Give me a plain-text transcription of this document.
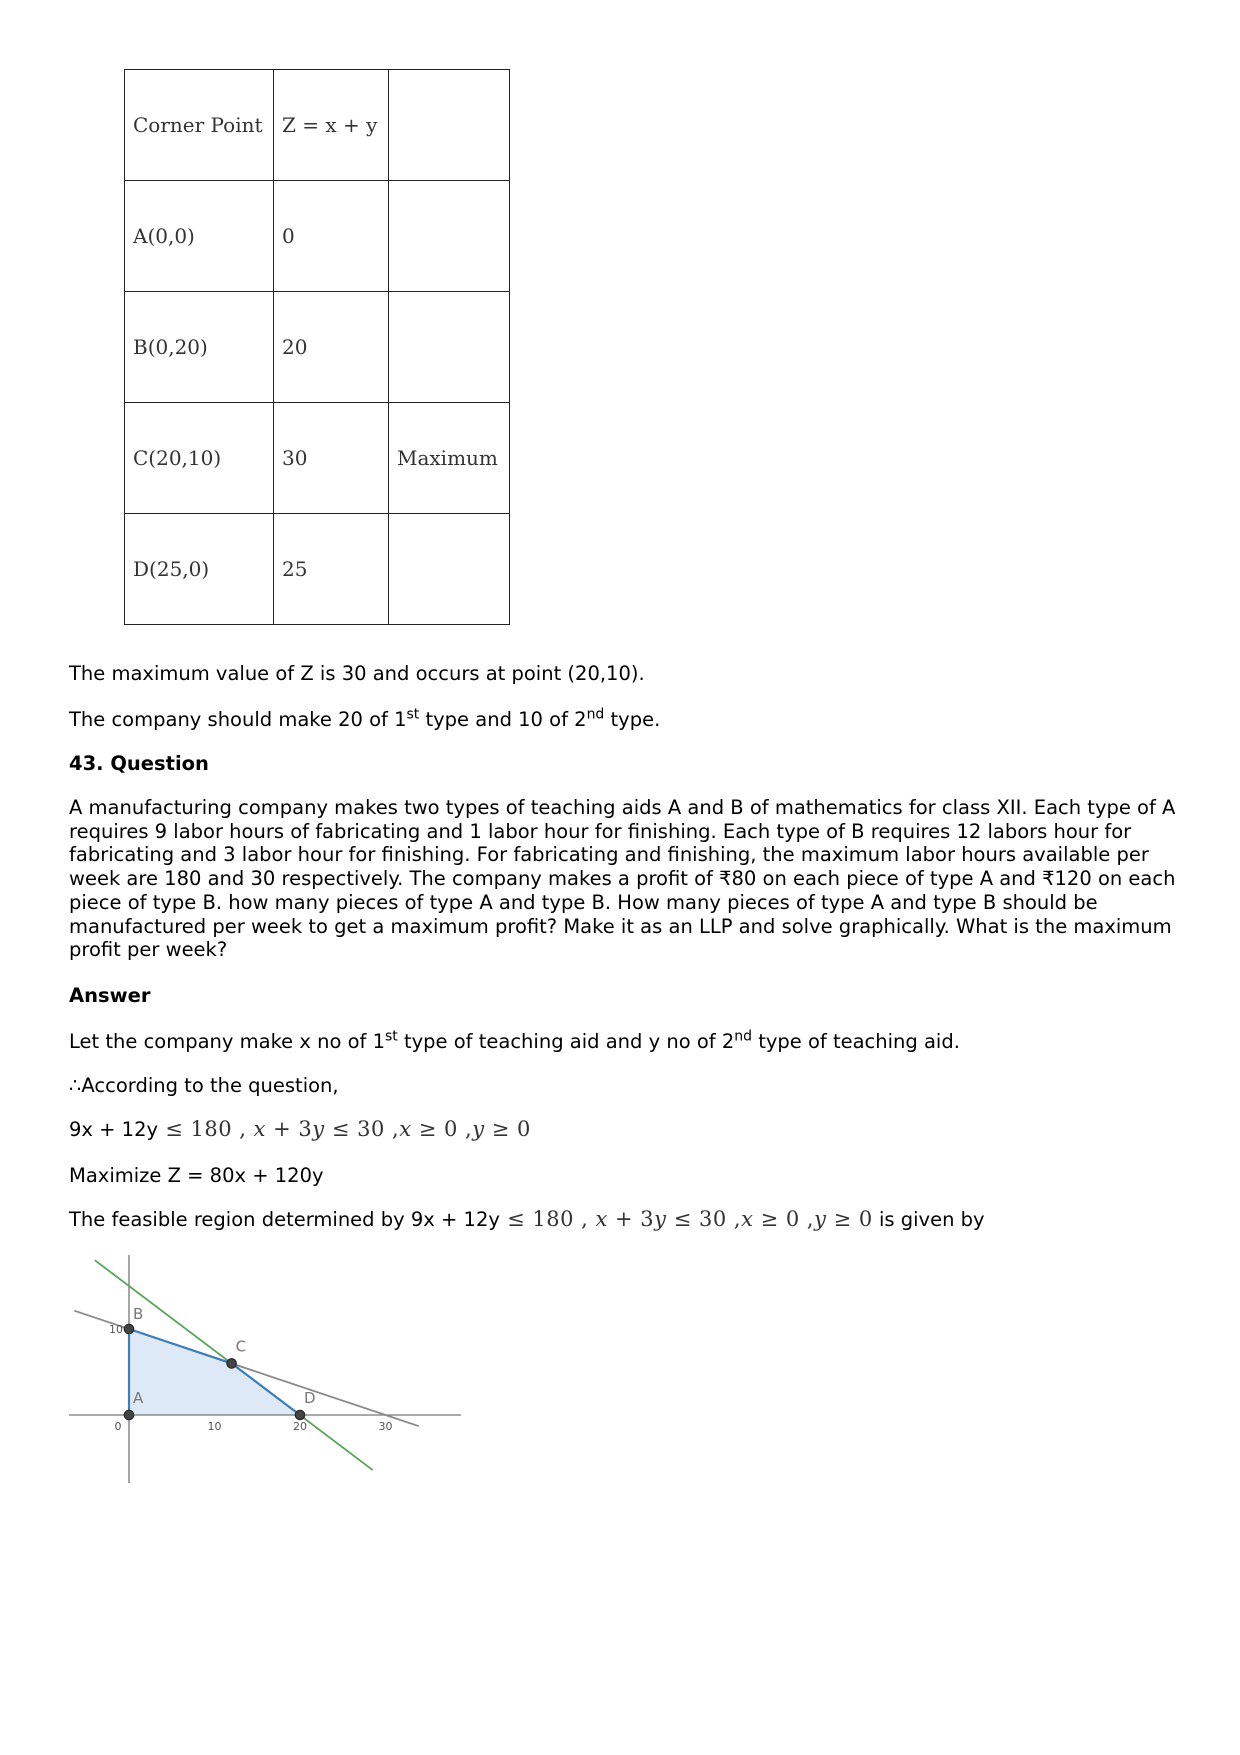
Corner Point	Z = x + y	
A(0,0)	0	
B(0,20)	20	
C(20,10)	30	Maximum
D(25,0)	25	

The maximum value of Z is 30 and occurs at point (20,10).

The company should make 20 of 1st type and 10 of 2nd type.

43. Question

A manufacturing company makes two types of teaching aids A and B of mathematics for class XII. Each type of A requires 9 labor hours of fabricating and 1 labor hour for finishing. Each type of B requires 12 labors hour for fabricating and 3 labor hour for finishing. For fabricating and finishing, the maximum labor hours available per week are 180 and 30 respectively. The company makes a profit of ₹80 on each piece of type A and ₹120 on each piece of type B. how many pieces of type A and type B. How many pieces of type A and type B should be manufactured per week to get a maximum profit? Make it as an LLP and solve graphically. What is the maximum profit per week?

Answer

Let the company make x no of 1st type of teaching aid and y no of 2nd type of teaching aid.

∴According to the question,

9x + 12y ≤ 180 , x + 3y ≤ 30 ,x ≥ 0 ,y ≥ 0

Maximize Z = 80x + 120y

The feasible region determined by 9x + 12y ≤ 180 , x + 3y ≤ 30 ,x ≥ 0 ,y ≥ 0 is given by

0	10	20	30
10
A
B
C
D
